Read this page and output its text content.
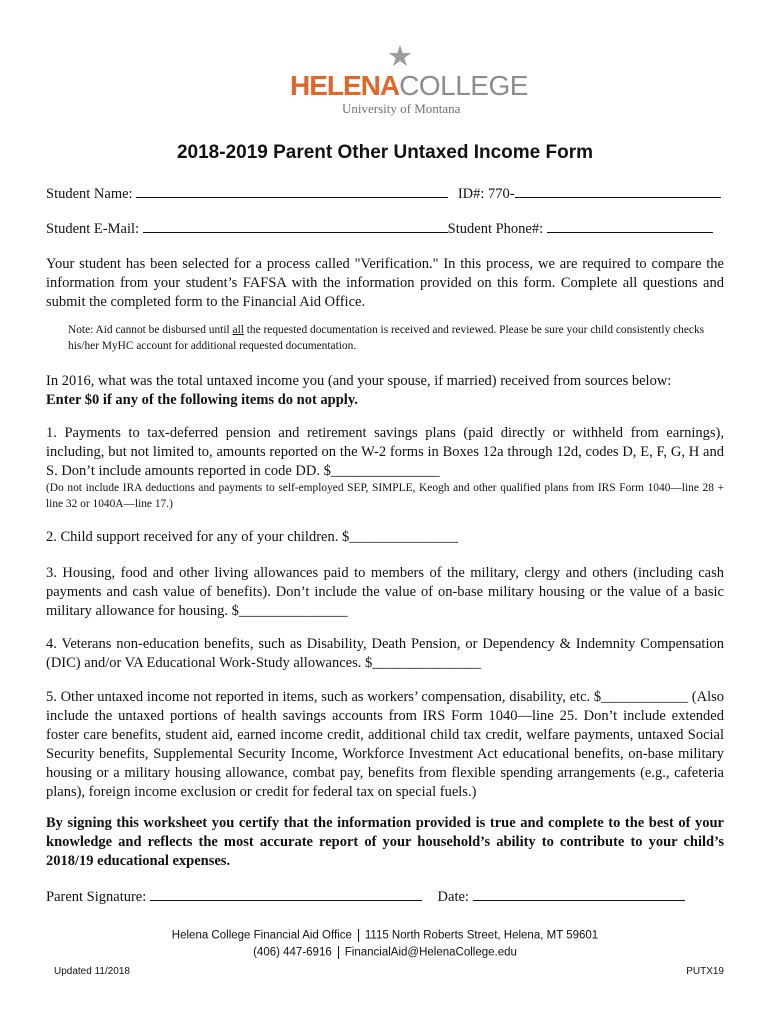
HELENACOLLEGE
University of Montana
2018-2019 Parent Other Untaxed Income Form
Student Name:	ID#: 770-
Student E-Mail:	Student Phone#:
Your student has been selected for a process called "Verification." In this process, we are required to compare the information from your student’s FAFSA with the information provided on this form. Complete all questions and submit the completed form to the Financial Aid Office.
Note: Aid cannot be disbursed until all the requested documentation is received and reviewed. Please be sure your child consistently checks his/her MyHC account for additional requested documentation.
In 2016, what was the total untaxed income you (and your spouse, if married) received from sources below:
Enter $0 if any of the following items do not apply.
1. Payments to tax-deferred pension and retirement savings plans (paid directly or withheld from earnings), including, but not limited to, amounts reported on the W-2 forms in Boxes 12a through 12d, codes D, E, F, G, H and S. Don’t include amounts reported in code DD. $_______________
(Do not include IRA deductions and payments to self-employed SEP, SIMPLE, Keogh and other qualified plans from IRS Form 1040—line 28 + line 32 or 1040A—line 17.)
2. Child support received for any of your children. $_______________
3. Housing, food and other living allowances paid to members of the military, clergy and others (including cash payments and cash value of benefits). Don’t include the value of on-base military housing or the value of a basic military allowance for housing. $_______________
4. Veterans non-education benefits, such as Disability, Death Pension, or Dependency & Indemnity Compensation (DIC) and/or VA Educational Work-Study allowances. $_______________
5. Other untaxed income not reported in items, such as workers’ compensation, disability, etc. $____________ (Also include the untaxed portions of health savings accounts from IRS Form 1040—line 25. Don’t include extended foster care benefits, student aid, earned income credit, additional child tax credit, welfare payments, untaxed Social Security benefits, Supplemental Security Income, Workforce Investment Act educational benefits, on-base military housing or a military housing allowance, combat pay, benefits from flexible spending arrangements (e.g., cafeteria plans), foreign income exclusion or credit for federal tax on special fuels.)
By signing this worksheet you certify that the information provided is true and complete to the best of your knowledge and reflects the most accurate report of your household’s ability to contribute to your child’s 2018/19 educational expenses.
Parent Signature:	Date:
Helena College Financial Aid Office 1115 North Roberts Street, Helena, MT 59601
(406) 447-6916 FinancialAid@HelenaCollege.edu
Updated 11/2018	PUTX19
